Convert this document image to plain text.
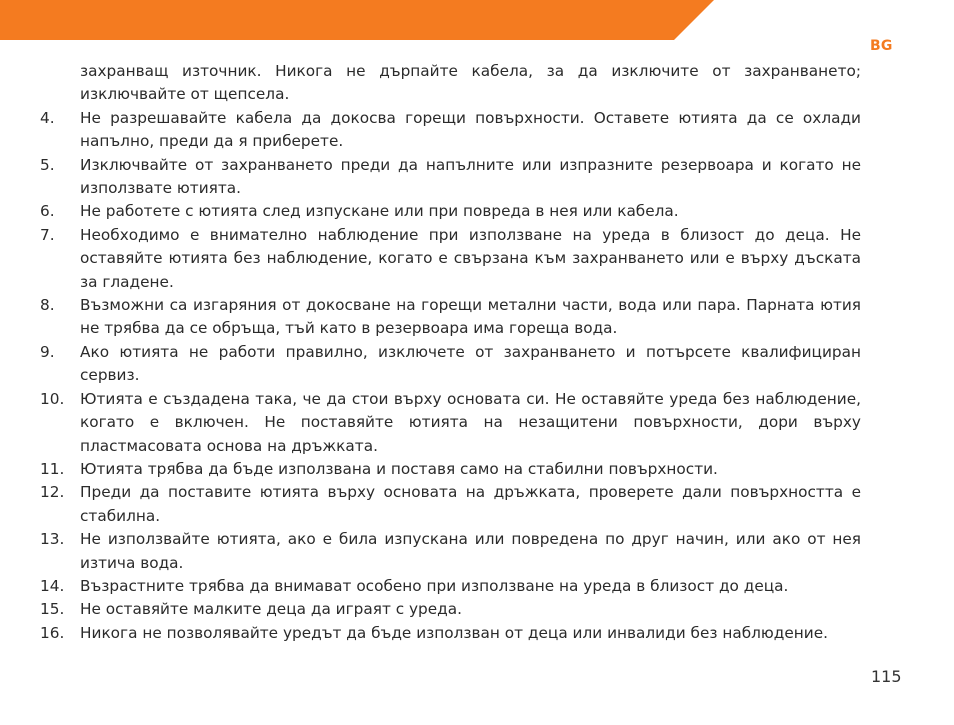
BG
захранващ източник. Никога не дърпайте кабела, за да изключите от захранването; изключвайте от щепсела.
4.	Не разрешавайте кабела да докосва горещи повърхности. Оставете ютията да се охлади напълно, преди да я приберете.
5.	Изключвайте от захранването преди да напълните или изпразните резервоара и когато не използвате ютията.
6.	Не работете с ютията след изпускане или при повреда в нея или кабела.
7.	Необходимо е внимателно наблюдение при използване на уреда в близост до деца. Не оставяйте ютията без наблюдение, когато е свързана към захранването или е върху дъската за гладене.
8.	Възможни са изгаряния от докосване на горещи метални части, вода или пара. Парната ютия не трябва да се обръща, тъй като в резервоара има гореща вода.
9.	Ако ютията не работи правилно, изключете от захранването и потърсете квалифициран сервиз.
10.	Ютията е създадена така, че да стои върху основата си. Не оставяйте уреда без наблюдение, когато е включен. Не поставяйте ютията на незащитени повърхности, дори върху пластмасовата основа на дръжката.
11.	Ютията трябва да бъде използвана и поставя само на стабилни повърхности.
12.	Преди да поставите ютията върху основата на дръжката, проверете дали повърхността е стабилна.
13.	Не използвайте ютията, ако е била изпускана или повредена по друг начин, или ако от нея изтича вода.
14.	Възрастните трябва да внимават особено при използване на уреда в близост до деца.
15.	Не оставяйте малките деца да играят с уреда.
16.	Никога не позволявайте уредът да бъде използван от деца или инвалиди без наблюдение.
115
